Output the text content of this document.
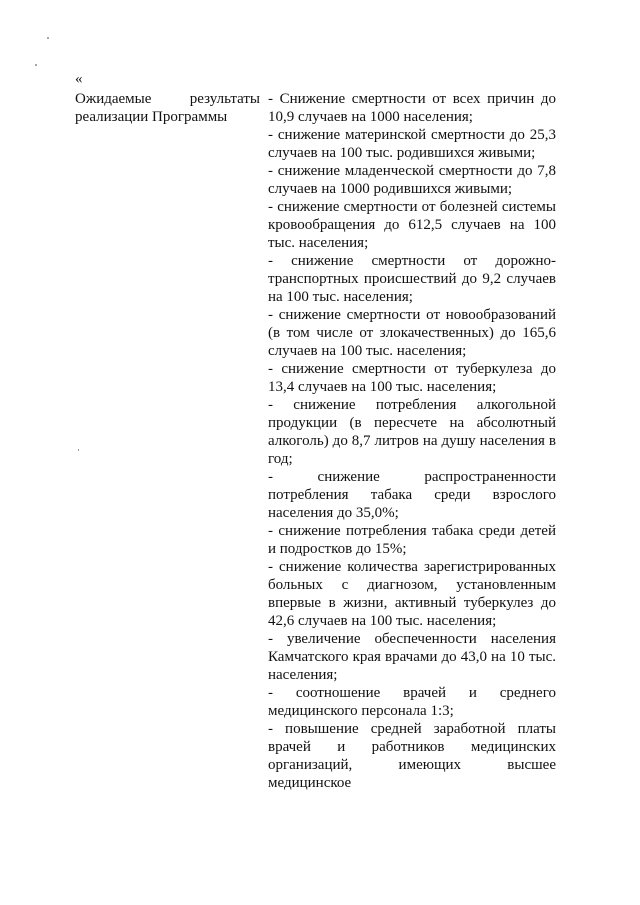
«
Ожидаемые	результаты
реализации Программы

- Снижение смертности от всех причин до 10,9 случаев на 1000 населения;

- снижение материнской смертности до 25,3 случаев на 100 тыс. родившихся живыми;

- снижение младенческой смертности до 7,8 случаев на 1000 родившихся живыми;

- снижение смертности от болезней системы кровообращения до 612,5 случаев на 100 тыс. населения;

- снижение смертности от дорожно-транспортных происшествий до 9,2 случаев на 100 тыс. населения;

- снижение смертности от новообразований (в том числе от злокачественных) до 165,6 случаев на 100 тыс. населения;

- снижение смертности от туберкулеза до 13,4 случаев на 100 тыс. населения;

- снижение потребления алкогольной продукции (в пересчете на абсолютный алкоголь) до 8,7 литров на душу населения в год;

- снижение распространенности потребления табака среди взрослого населения до 35,0%;

- снижение потребления табака среди детей и подростков до 15%;

- снижение количества зарегистрированных больных с диагнозом, установленным впервые в жизни, активный туберкулез до 42,6 случаев на 100 тыс. населения;

- увеличение обеспеченности населения Камчатского края врачами до 43,0 на 10 тыс. населения;

- соотношение врачей и среднего медицинского персонала 1:3;

- повышение средней заработной платы врачей и работников медицинских организаций, имеющих высшее медицинское
